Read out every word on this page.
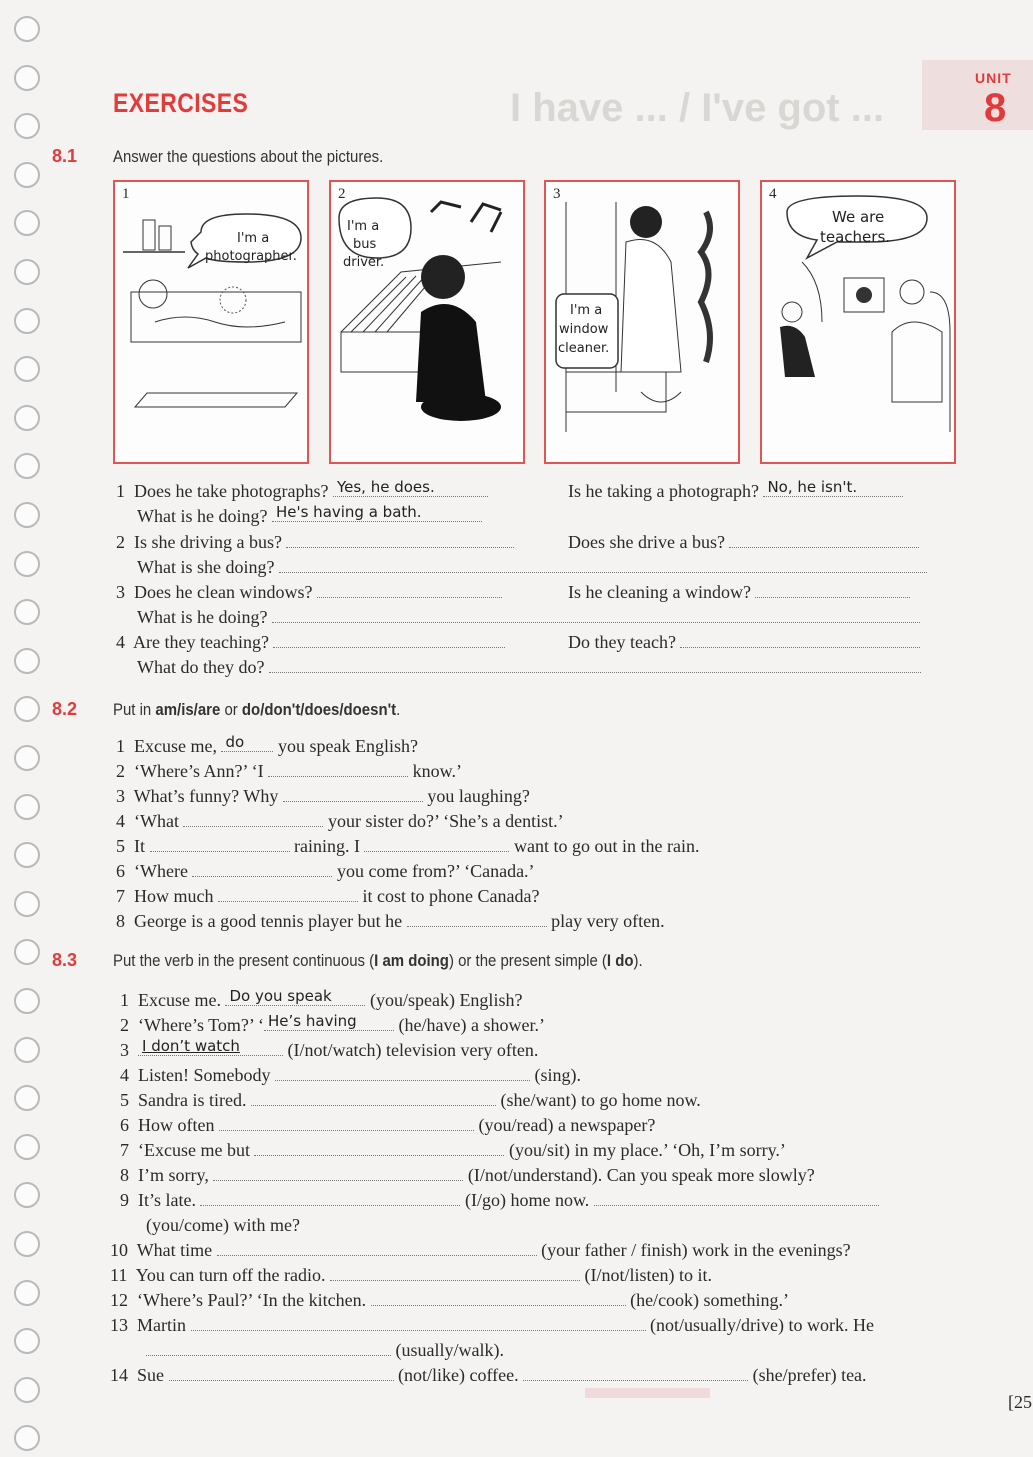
I have ... / I've got ...
UNIT
8
EXERCISES
8.1 Answer the questions about the pictures.
I'm a
photographer.
1
I'm a
bus
driver.
2
I'm a
window
cleaner.
3
We are
teachers.
4
1 Does he take photographs? Yes, he does.	Is he taking a photograph? No, he isn't.
What is he doing? He's having a bath.
2 Is she driving a bus?	Does she drive a bus?
What is she doing?
3 Does he clean windows?	Is he cleaning a window?
What is he doing?
4 Are they teaching?	Do they teach?
What do they do?
8.2 Put in am/is/are or do/don't/does/doesn't.
1 Excuse me, do you speak English?
2 ‘Where’s Ann?’ ‘I	know.’
3 What’s funny? Why	you laughing?
4 ‘What	your sister do?’ ‘She’s a dentist.’
5 It	raining. I	want to go out in the rain.
6 ‘Where	you come from?’ ‘Canada.’
7 How much	it cost to phone Canada?
8 George is a good tennis player but he	play very often.
8.3 Put the verb in the present continuous (I am doing) or the present simple (I do).
1 Excuse me. Do you speak (you/speak) English?
2 ‘Where’s Tom?’ ‘ He’s having (he/have) a shower.’
3 I don’t watch	(I/not/watch) television very often.
4 Listen! Somebody	(sing).
5 Sandra is tired.	(she/want) to go home now.
6 How often	(you/read) a newspaper?
7 ‘Excuse me but	(you/sit) in my place.’ ‘Oh, I’m sorry.’
8 I’m sorry,	(I/not/understand). Can you speak more slowly?
9 It’s late.	(I/go) home now.
(you/come) with me?
10 What time	(your father / finish) work in the evenings?
11 You can turn off the radio.	(I/not/listen) to it.
12 ‘Where’s Paul?’ ‘In the kitchen.	(he/cook) something.’
13 Martin	(not/usually/drive) to work. He
(usually/walk).
14 Sue	(not/like) coffee.	(she/prefer) tea.
[25
